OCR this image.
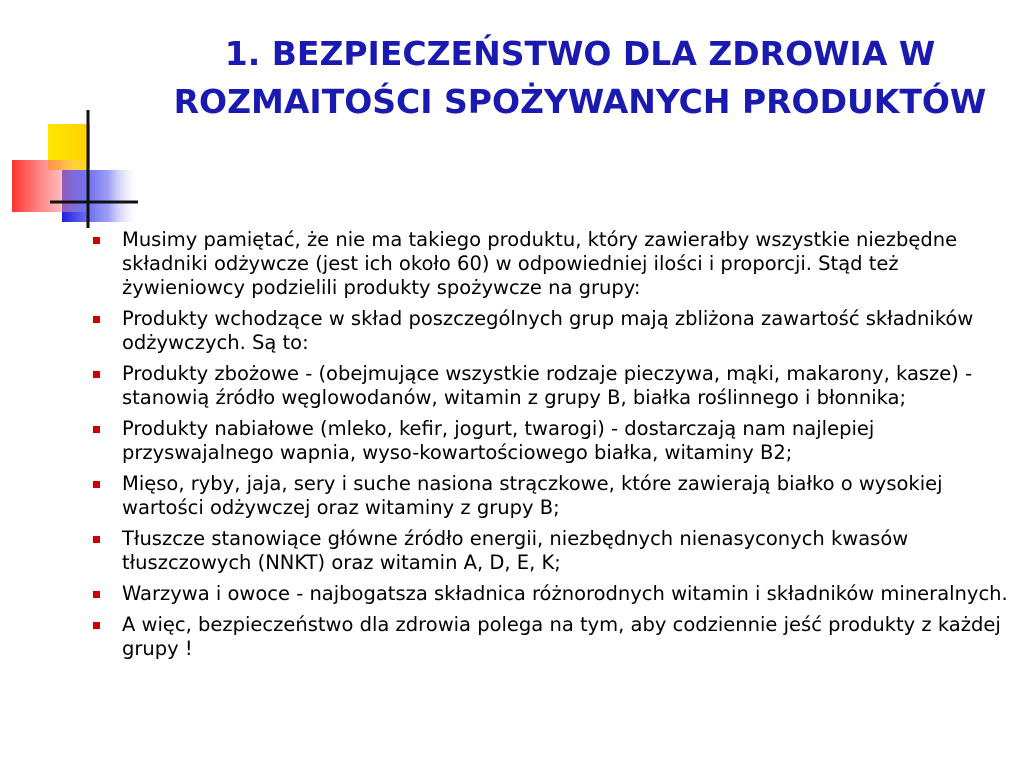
1. BEZPIECZEŃSTWO DLA ZDROWIA W ROZMAITOŚCI SPOŻYWANYCH PRODUKTÓW
Musimy pamiętać, że nie ma takiego produktu, który zawierałby wszystkie niezbędne składniki odżywcze (jest ich około 60) w odpowiedniej ilości i proporcji. Stąd też żywieniowcy podzielili produkty spożywcze na grupy:
Produkty wchodzące w skład poszczególnych grup mają zbliżona zawartość składników odżywczych. Są to:
Produkty zbożowe - (obejmujące wszystkie rodzaje pieczywa, mąki, makarony, kasze) - stanowią źródło węglowodanów, witamin z grupy B, białka roślinnego i błonnika;
Produkty nabiałowe (mleko, kefir, jogurt, twarogi) - dostarczają nam najlepiej przyswajalnego wapnia, wyso-kowartościowego białka, witaminy B2;
Mięso, ryby, jaja, sery i suche nasiona strączkowe, które zawierają białko o wysokiej wartości odżywczej oraz witaminy z grupy B;
Tłuszcze stanowiące główne źródło energii, niezbędnych nienasyconych kwasów tłuszczowych (NNKT) oraz witamin A, D, E, K;
Warzywa i owoce - najbogatsza składnica różnorodnych witamin i składników mineralnych.
A więc, bezpieczeństwo dla zdrowia polega na tym, aby codziennie jeść produkty z każdej grupy !
